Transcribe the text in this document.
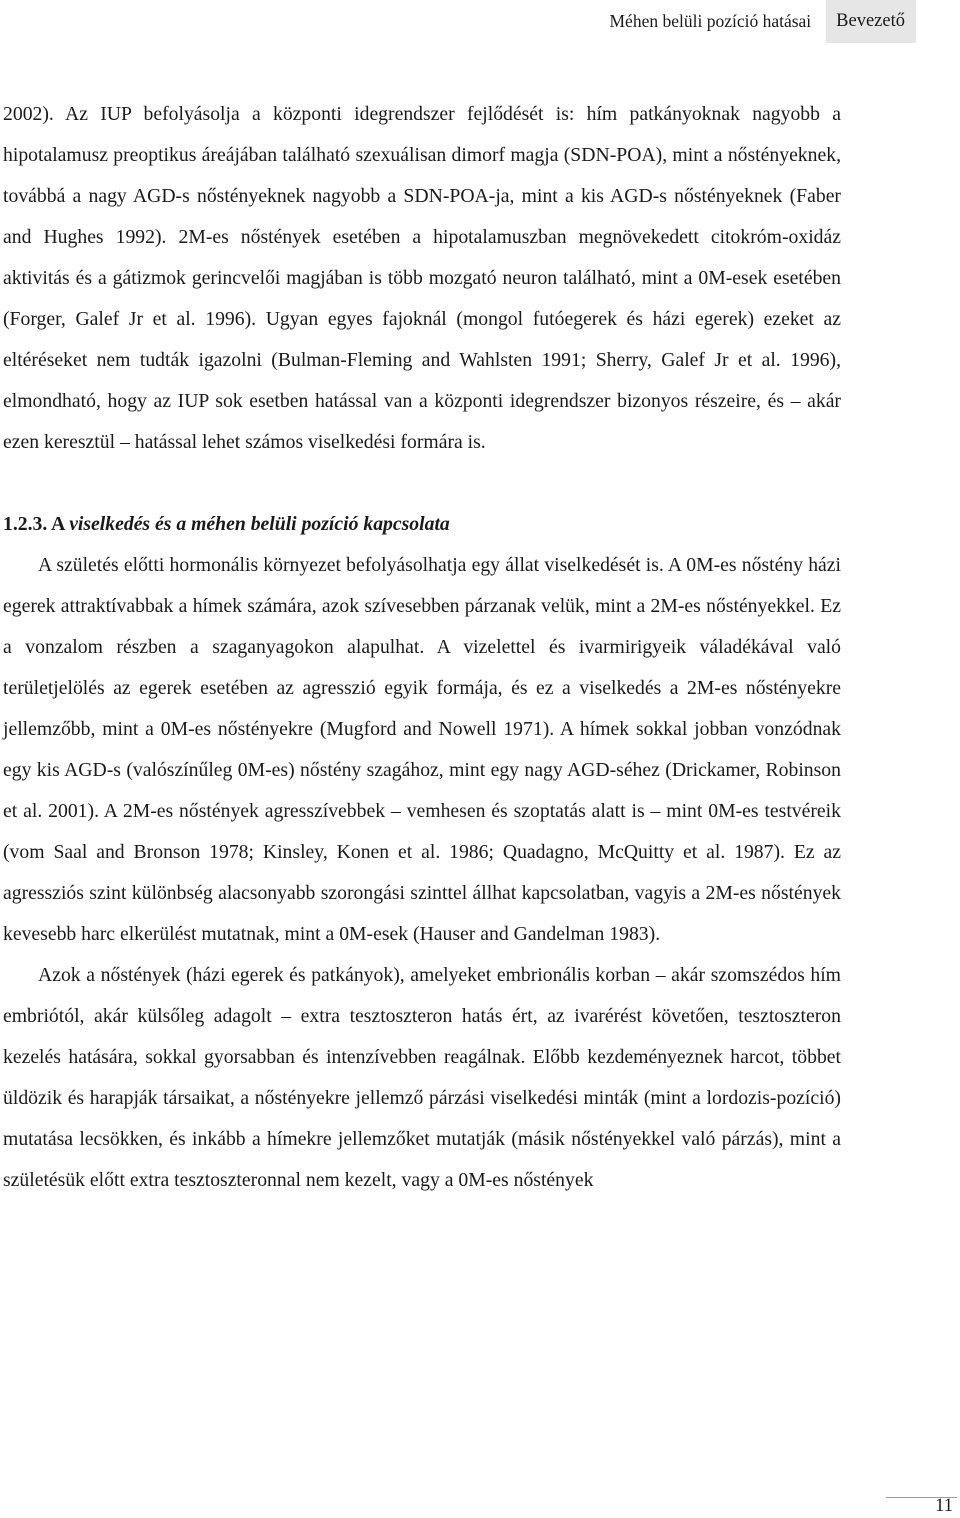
Méhen belüli pozíció hatásai	Bevezető

2002). Az IUP befolyásolja a központi idegrendszer fejlődését is: hím patkányoknak nagyobb a hipotalamusz preoptikus áreájában található szexuálisan dimorf magja (SDN-POA), mint a nőstényeknek, továbbá a nagy AGD-s nőstényeknek nagyobb a SDN-POA-ja, mint a kis AGD-s nőstényeknek (Faber and Hughes 1992). 2M-es nőstények esetében a hipotalamuszban megnövekedett citokróm-oxidáz aktivitás és a gátizmok gerincvelői magjában is több mozgató neuron található, mint a 0M-esek esetében (Forger, Galef Jr et al. 1996). Ugyan egyes fajoknál (mongol futóegerek és házi egerek) ezeket az eltéréseket nem tudták igazolni (Bulman-Fleming and Wahlsten 1991; Sherry, Galef Jr et al. 1996), elmondható, hogy az IUP sok esetben hatással van a központi idegrendszer bizonyos részeire, és – akár ezen keresztül – hatással lehet számos viselkedési formára is.

1.2.3. A viselkedés és a méhen belüli pozíció kapcsolata

A születés előtti hormonális környezet befolyásolhatja egy állat viselkedését is. A 0M-es nőstény házi egerek attraktívabbak a hímek számára, azok szívesebben párzanak velük, mint a 2M-es nőstényekkel. Ez a vonzalom részben a szaganyagokon alapulhat. A vizelettel és ivarmirigyeik váladékával való területjelölés az egerek esetében az agresszió egyik formája, és ez a viselkedés a 2M-es nőstényekre jellemzőbb, mint a 0M-es nőstényekre (Mugford and Nowell 1971). A hímek sokkal jobban vonzódnak egy kis AGD-s (valószínűleg 0M-es) nőstény szagához, mint egy nagy AGD-séhez (Drickamer, Robinson et al. 2001). A 2M-es nőstények agresszívebbek – vemhesen és szoptatás alatt is – mint 0M-es testvéreik (vom Saal and Bronson 1978; Kinsley, Konen et al. 1986; Quadagno, McQuitty et al. 1987). Ez az agressziós szint különbség alacsonyabb szorongási szinttel állhat kapcsolatban, vagyis a 2M-es nőstények kevesebb harc elkerülést mutatnak, mint a 0M-esek (Hauser and Gandelman 1983).

Azok a nőstények (házi egerek és patkányok), amelyeket embrionális korban – akár szomszédos hím embriótól, akár külsőleg adagolt – extra tesztoszteron hatás ért, az ivarérést követően, tesztoszteron kezelés hatására, sokkal gyorsabban és intenzívebben reagálnak. Előbb kezdeményeznek harcot, többet üldözik és harapják társaikat, a nőstényekre jellemző párzási viselkedési minták (mint a lordozis-pozíció) mutatása lecsökken, és inkább a hímekre jellemzőket mutatják (másik nőstényekkel való párzás), mint a születésük előtt extra tesztoszteronnal nem kezelt, vagy a 0M-es nőstények

11
